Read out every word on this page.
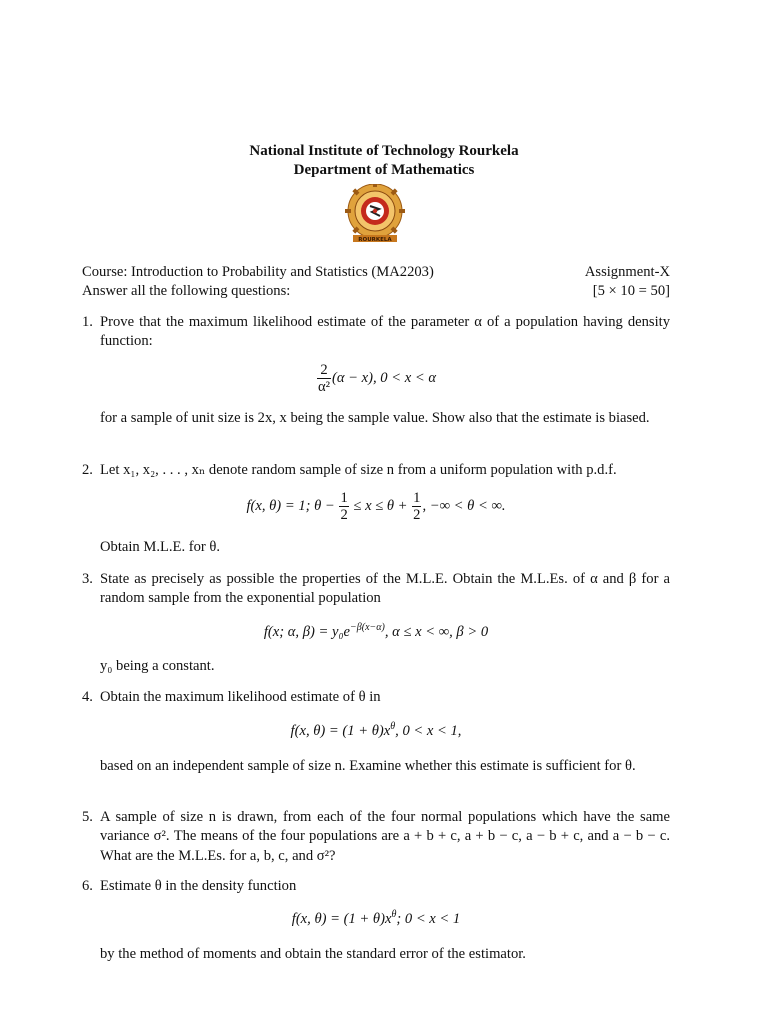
National Institute of Technology Rourkela
Department of Mathematics
ROURKELA
Course: Introduction to Probability and Statistics (MA2203)	Assignment-X
Answer all the following questions:	[5 × 10 = 50]
1. Prove that the maximum likelihood estimate of the parameter α of a population having density function:
$\frac{2}{\text{α²}} (\alpha - x)$, 0 < x < α
for a sample of unit size is 2x, x being the sample value. Show also that the estimate is biased.
2. Let x₁, x₂, . . . , xₙ denote random sample of size n from a uniform population with p.d.f.
f(x, θ) = 1; $\theta - \frac{1}{2} \le x \le \theta + \frac{1}{2}$ , −∞ < θ < ∞.
Obtain M.L.E. for θ.
3. State as precisely as possible the properties of the M.L.E. Obtain the M.L.Es. of α and β for a random sample from the exponential population
f(x; α, $\beta) = y_0e^{-\beta(x-\alpha)}$, α ≤ x < ∞, β > 0
y₀ being a constant.
4. Obtain the maximum likelihood estimate of θ in
f(x, $\theta) = (1 + \theta)x^\theta$, 0 < x < 1,
based on an independent sample of size n. Examine whether this estimate is sufficient for θ.
5. A sample of size n is drawn, from each of the four normal populations which have the same variance σ². The means of the four populations are a + b + c, a + b − c, a − b + c, and a − b − c. What are the M.L.Es. for a, b, c, and σ²?
6. Estimate θ in the density function
f(x, $\theta) = (1 + \theta)x^\theta$; 0 < x < 1
by the method of moments and obtain the standard error of the estimator.
